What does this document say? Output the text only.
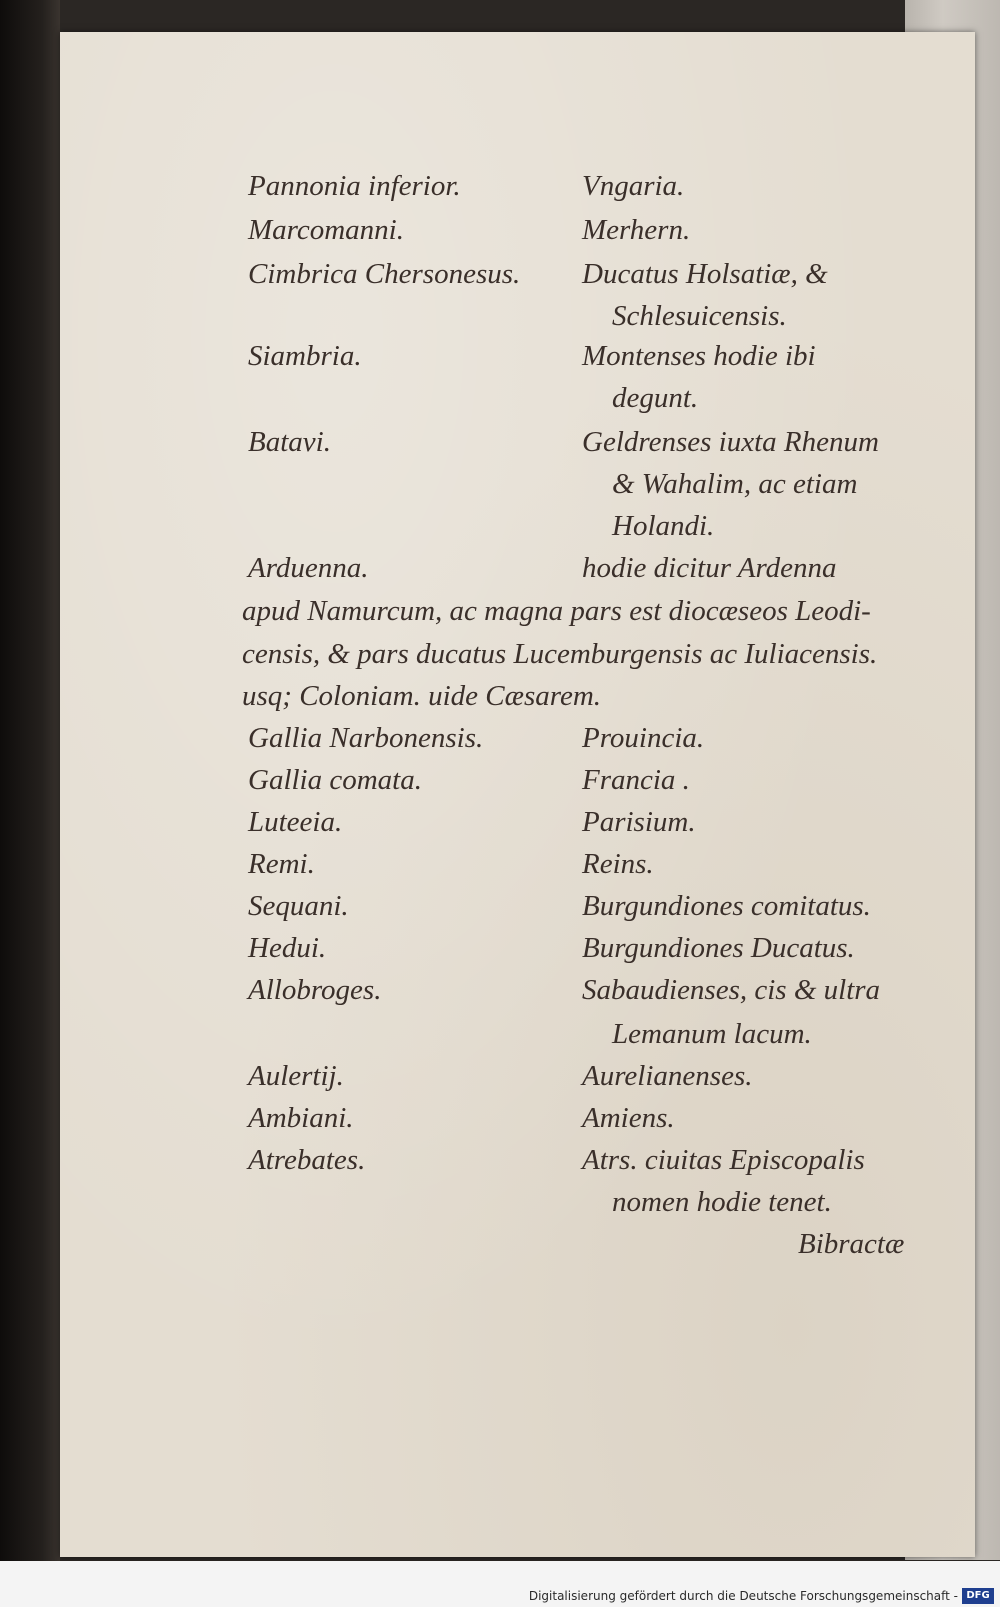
Pannonia inferior.
Marcomanni.
Cimbrica Chersonesus.
Siambria.
Batavi.
Arduenna.
Vngaria.
Merhern.
Ducatus Holsatiæ, &
Schlesuicensis.
Montenses hodie ibi
degunt.
Geldrenses iuxta Rhenum
& Wahalim, ac etiam
Holandi.
hodie dicitur Ardenna
apud Namurcum, ac magna pars est diocæseos Leodi-
censis, & pars ducatus Lucemburgensis ac Iuliacensis.
usq; Coloniam. uide Cæsarem.
Gallia Narbonensis.
Gallia comata.
Luteeia.
Remi.
Sequani.
Hedui.
Allobroges.
Aulertij.
Ambiani.
Atrebates.
Prouincia.
Francia .
Parisium.
Reins.
Burgundiones comitatus.
Burgundiones Ducatus.
Sabaudienses, cis & ultra
Lemanum lacum.
Aurelianenses.
Amiens.
Atrs. ciuitas Episcopalis
nomen hodie tenet.
Bibractæ
Digitalisierung gefördert durch die Deutsche Forschungsgemeinschaft - DFG
